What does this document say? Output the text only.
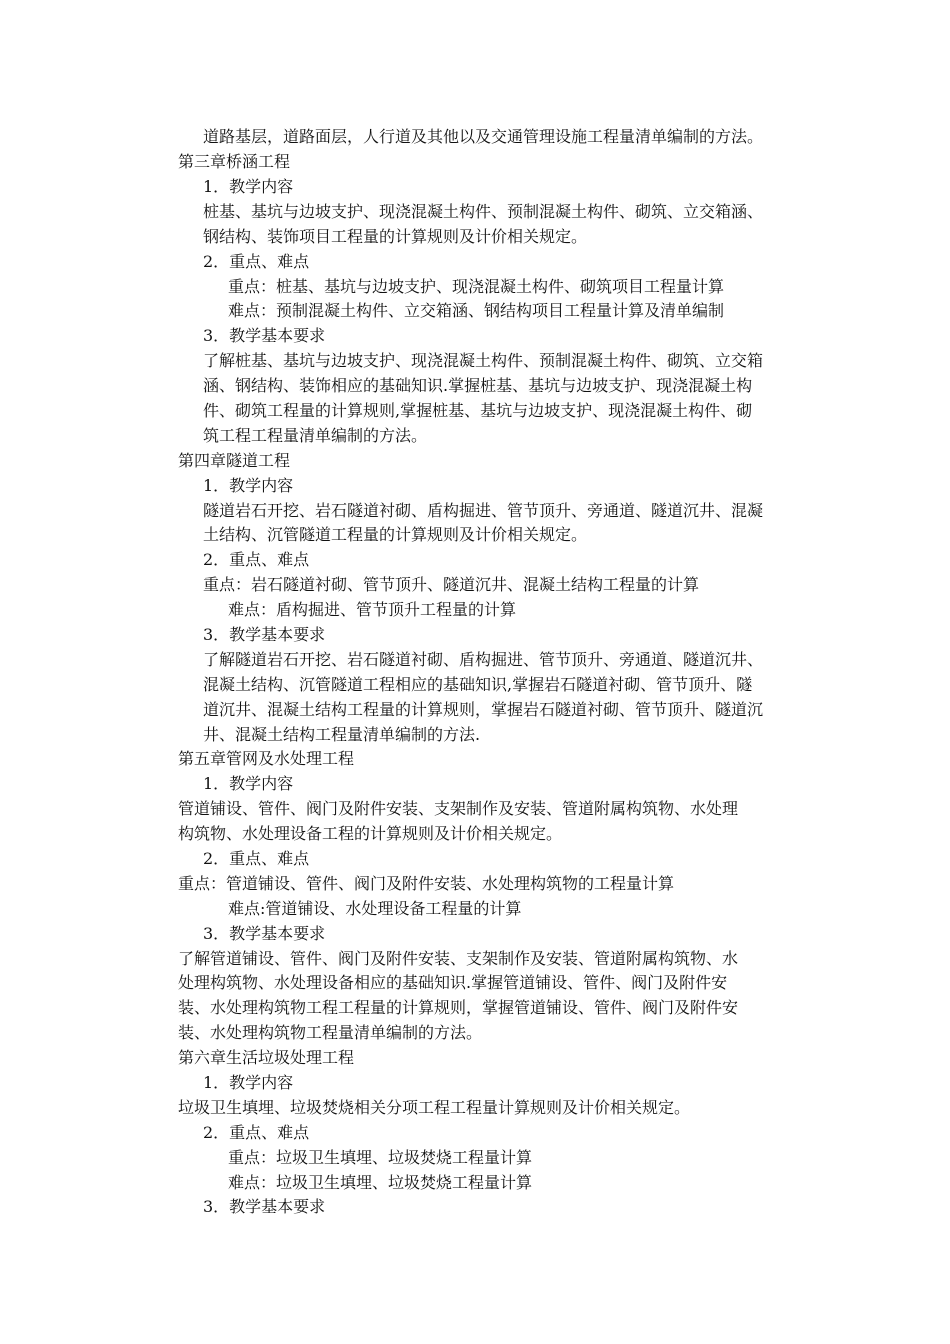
道路基层，道路面层，人行道及其他以及交通管理设施工程量清单编制的方法。
第三章桥涵工程
1．教学内容
桩基、基坑与边坡支护、现浇混凝土构件、预制混凝土构件、砌筑、立交箱涵、
钢结构、装饰项目工程量的计算规则及计价相关规定。
2．重点、难点
重点：桩基、基坑与边坡支护、现浇混凝土构件、砌筑项目工程量计算
难点：预制混凝土构件、立交箱涵、钢结构项目工程量计算及清单编制
3．教学基本要求
了解桩基、基坑与边坡支护、现浇混凝土构件、预制混凝土构件、砌筑、立交箱
涵、钢结构、装饰相应的基础知识.掌握桩基、基坑与边坡支护、现浇混凝土构
件、砌筑工程量的计算规则,掌握桩基、基坑与边坡支护、现浇混凝土构件、砌
筑工程工程量清单编制的方法。
第四章隧道工程
1．教学内容
隧道岩石开挖、岩石隧道衬砌、盾构掘进、管节顶升、旁通道、隧道沉井、混凝
土结构、沉管隧道工程量的计算规则及计价相关规定。
2．重点、难点
重点：岩石隧道衬砌、管节顶升、隧道沉井、混凝土结构工程量的计算
难点：盾构掘进、管节顶升工程量的计算
3．教学基本要求
了解隧道岩石开挖、岩石隧道衬砌、盾构掘进、管节顶升、旁通道、隧道沉井、
混凝土结构、沉管隧道工程相应的基础知识,掌握岩石隧道衬砌、管节顶升、隧
道沉井、混凝土结构工程量的计算规则，掌握岩石隧道衬砌、管节顶升、隧道沉
井、混凝土结构工程量清单编制的方法.
第五章管网及水处理工程
1．教学内容
管道铺设、管件、阀门及附件安装、支架制作及安装、管道附属构筑物、水处理
构筑物、水处理设备工程的计算规则及计价相关规定。
2．重点、难点
重点：管道铺设、管件、阀门及附件安装、水处理构筑物的工程量计算
难点:管道铺设、水处理设备工程量的计算
3．教学基本要求
了解管道铺设、管件、阀门及附件安装、支架制作及安装、管道附属构筑物、水
处理构筑物、水处理设备相应的基础知识.掌握管道铺设、管件、阀门及附件安
装、水处理构筑物工程工程量的计算规则，掌握管道铺设、管件、阀门及附件安
装、水处理构筑物工程量清单编制的方法。
第六章生活垃圾处理工程
1．教学内容
垃圾卫生填埋、垃圾焚烧相关分项工程工程量计算规则及计价相关规定。
2．重点、难点
重点：垃圾卫生填埋、垃圾焚烧工程量计算
难点：垃圾卫生填埋、垃圾焚烧工程量计算
3．教学基本要求
